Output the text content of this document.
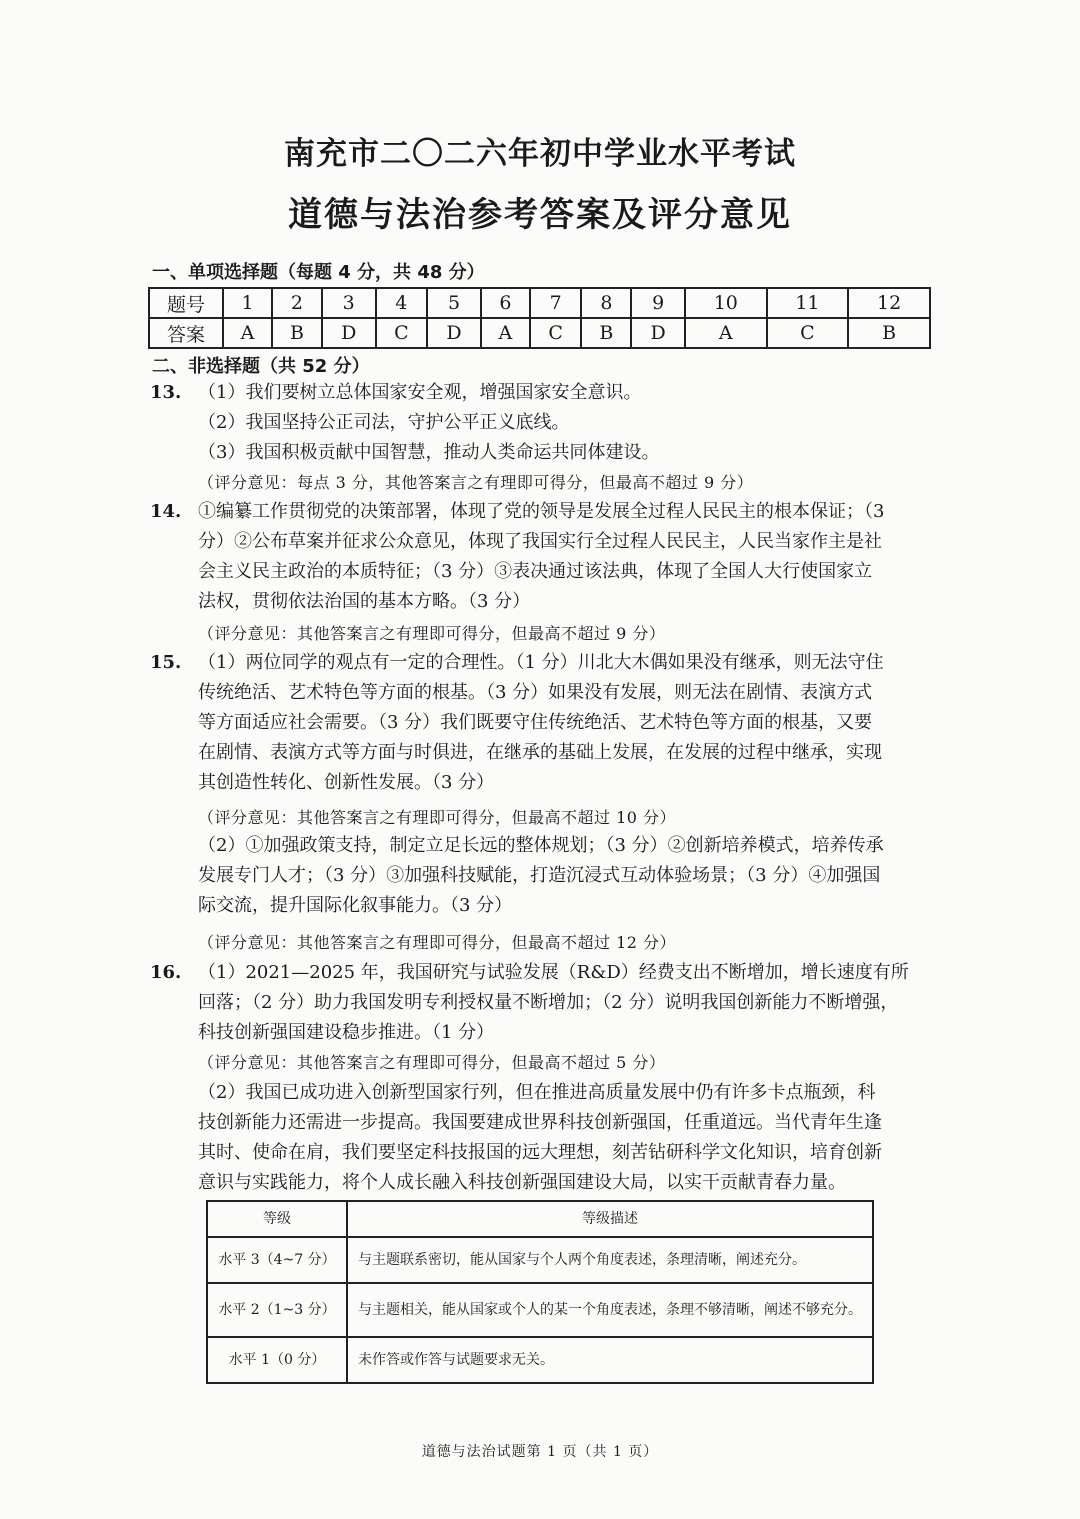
南充市二〇二六年初中学业水平考试
道德与法治参考答案及评分意见
一、单项选择题（每题 4 分，共 48 分）
题号	1	2	3	4	5	6	7	8	9	10	11	12
答案	A	B	D	C	D	A	C	B	D	A	C	B
二、非选择题（共 52 分）
13. （1）我们要树立总体国家安全观，增强国家安全意识。
（2）我国坚持公正司法，守护公平正义底线。
（3）我国积极贡献中国智慧，推动人类命运共同体建设。
（评分意见：每点 3 分，其他答案言之有理即可得分，但最高不超过 9 分）
14. ①编纂工作贯彻党的决策部署，体现了党的领导是发展全过程人民民主的根本保证；（3
分）②公布草案并征求公众意见，体现了我国实行全过程人民民主，人民当家作主是社
会主义民主政治的本质特征；（3 分）③表决通过该法典，体现了全国人大行使国家立
法权，贯彻依法治国的基本方略。（3 分）
（评分意见：其他答案言之有理即可得分，但最高不超过 9 分）
15. （1）两位同学的观点有一定的合理性。（1 分）川北大木偶如果没有继承，则无法守住
传统绝活、艺术特色等方面的根基。（3 分）如果没有发展，则无法在剧情、表演方式
等方面适应社会需要。（3 分）我们既要守住传统绝活、艺术特色等方面的根基，又要
在剧情、表演方式等方面与时俱进，在继承的基础上发展，在发展的过程中继承，实现
其创造性转化、创新性发展。（3 分）
（评分意见：其他答案言之有理即可得分，但最高不超过 10 分）
（2）①加强政策支持，制定立足长远的整体规划；（3 分）②创新培养模式，培养传承
发展专门人才；（3 分）③加强科技赋能，打造沉浸式互动体验场景；（3 分）④加强国
际交流，提升国际化叙事能力。（3 分）
（评分意见：其他答案言之有理即可得分，但最高不超过 12 分）
16. （1）2021—2025 年，我国研究与试验发展（R&D）经费支出不断增加，增长速度有所
回落；（2 分）助力我国发明专利授权量不断增加；（2 分）说明我国创新能力不断增强，
科技创新强国建设稳步推进。（1 分）
（评分意见：其他答案言之有理即可得分，但最高不超过 5 分）
（2）我国已成功进入创新型国家行列，但在推进高质量发展中仍有许多卡点瓶颈，科
技创新能力还需进一步提高。我国要建成世界科技创新强国，任重道远。当代青年生逢
其时、使命在肩，我们要坚定科技报国的远大理想，刻苦钻研科学文化知识，培育创新
意识与实践能力，将个人成长融入科技创新强国建设大局，以实干贡献青春力量。
等级	等级描述
水平 3（4~7 分）	与主题联系密切，能从国家与个人两个角度表述，条理清晰，阐述充分。
水平 2（1~3 分）	与主题相关，能从国家或个人的某一个角度表述，条理不够清晰，阐述不够充分。
水平 1（0 分）	未作答或作答与试题要求无关。
道德与法治试题第 1 页（共 1 页）
